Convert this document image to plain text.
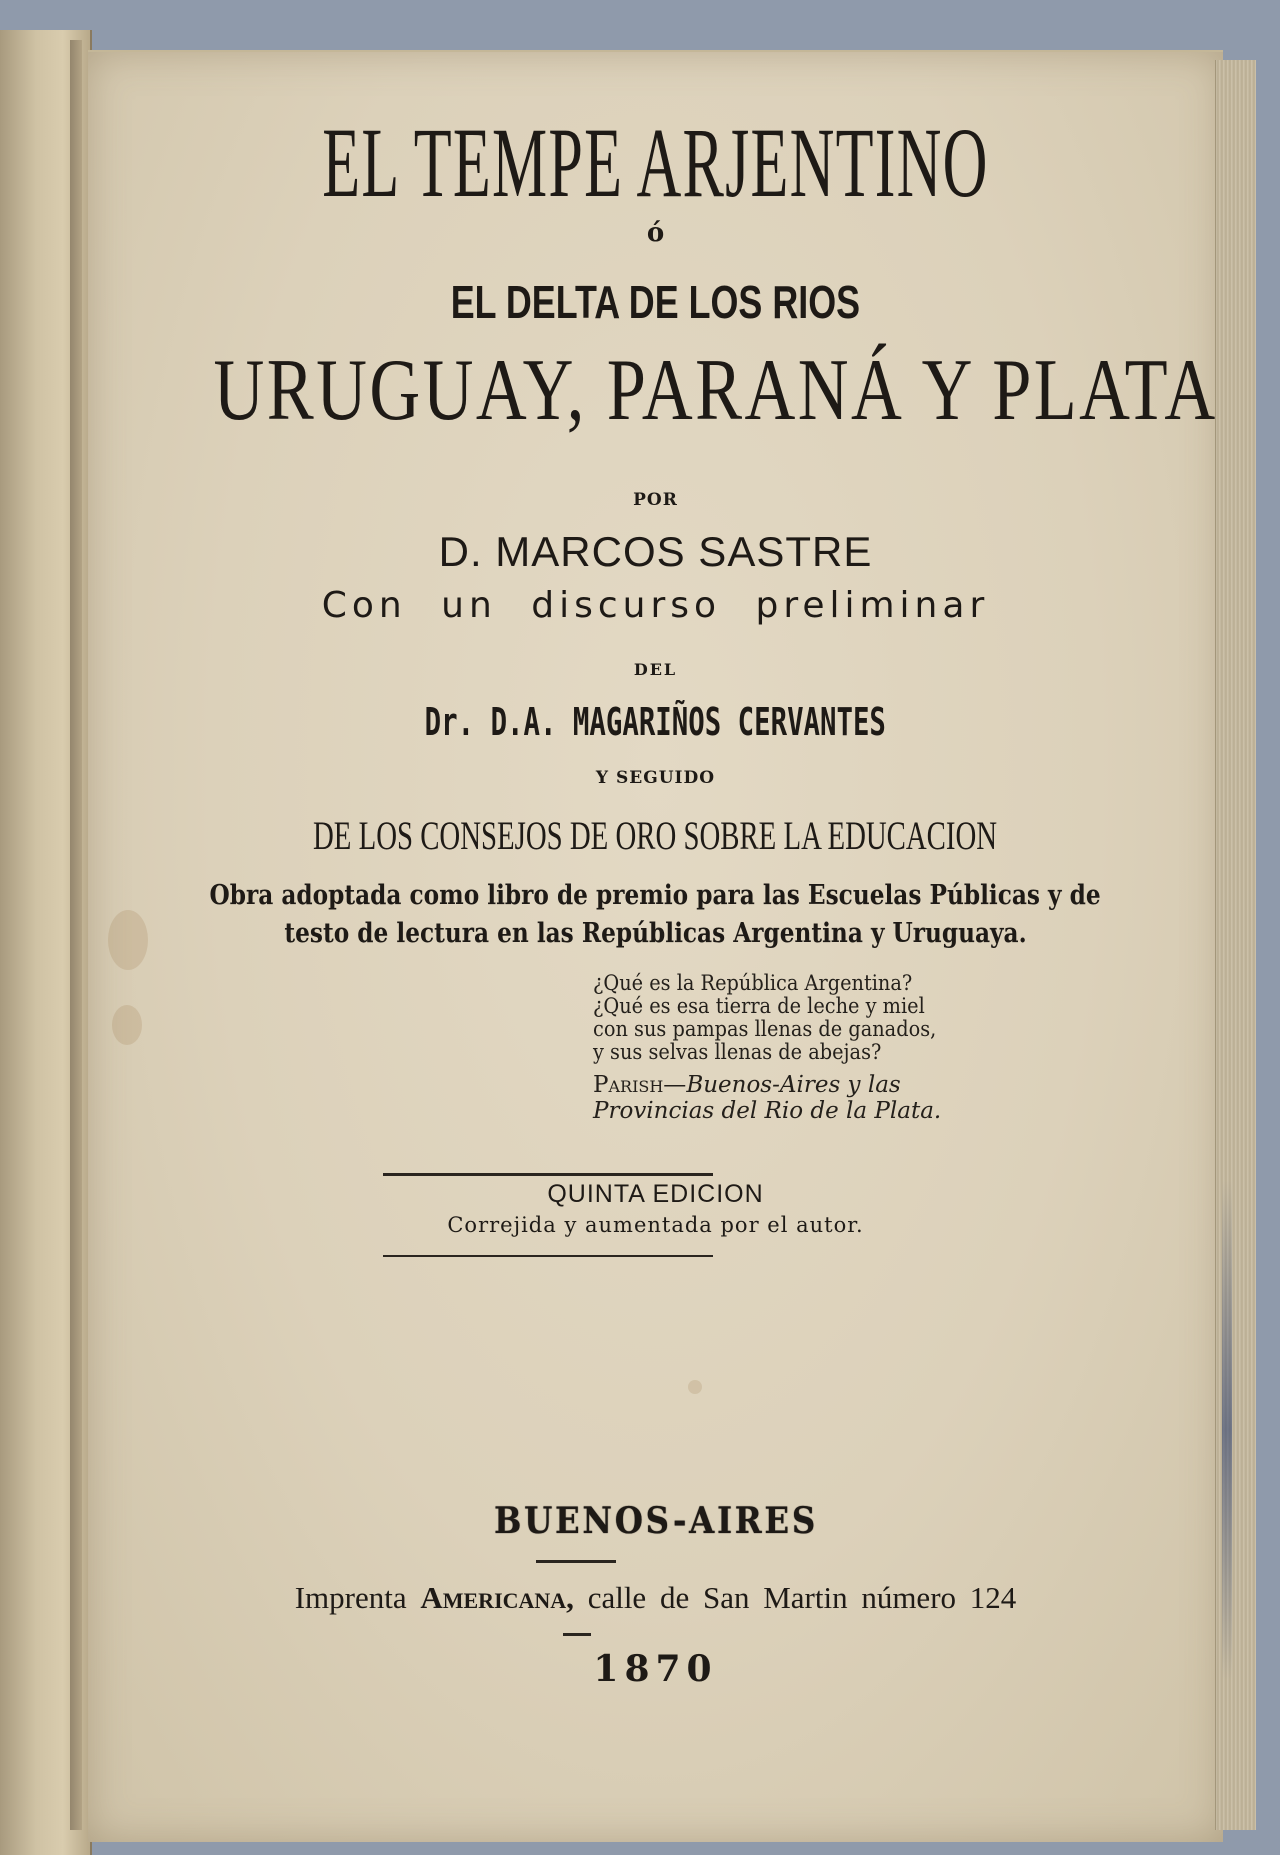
EL TEMPE ARJENTINO
ó
EL DELTA DE LOS RIOS
URUGUAY, PARANÁ Y PLATA
POR
D. MARCOS SASTRE
Con un discurso preliminar
DEL
Dr. D.A. MAGARIÑOS CERVANTES
Y SEGUIDO
DE LOS CONSEJOS DE ORO SOBRE LA EDUCACION
Obra adoptada como libro de premio para las Escuelas Públicas y de
testo de lectura en las Repúblicas Argentina y Uruguaya.
¿Qué es la República Argentina?
¿Qué es esa tierra de leche y miel
con sus pampas llenas de ganados,
y sus selvas llenas de abejas?
Parish—Buenos-Aires y las
Provincias del Rio de la Plata.
QUINTA EDICION
Correjida y aumentada por el autor.
BUENOS-AIRES
Imprenta Americana, calle de San Martin número 124
1870
